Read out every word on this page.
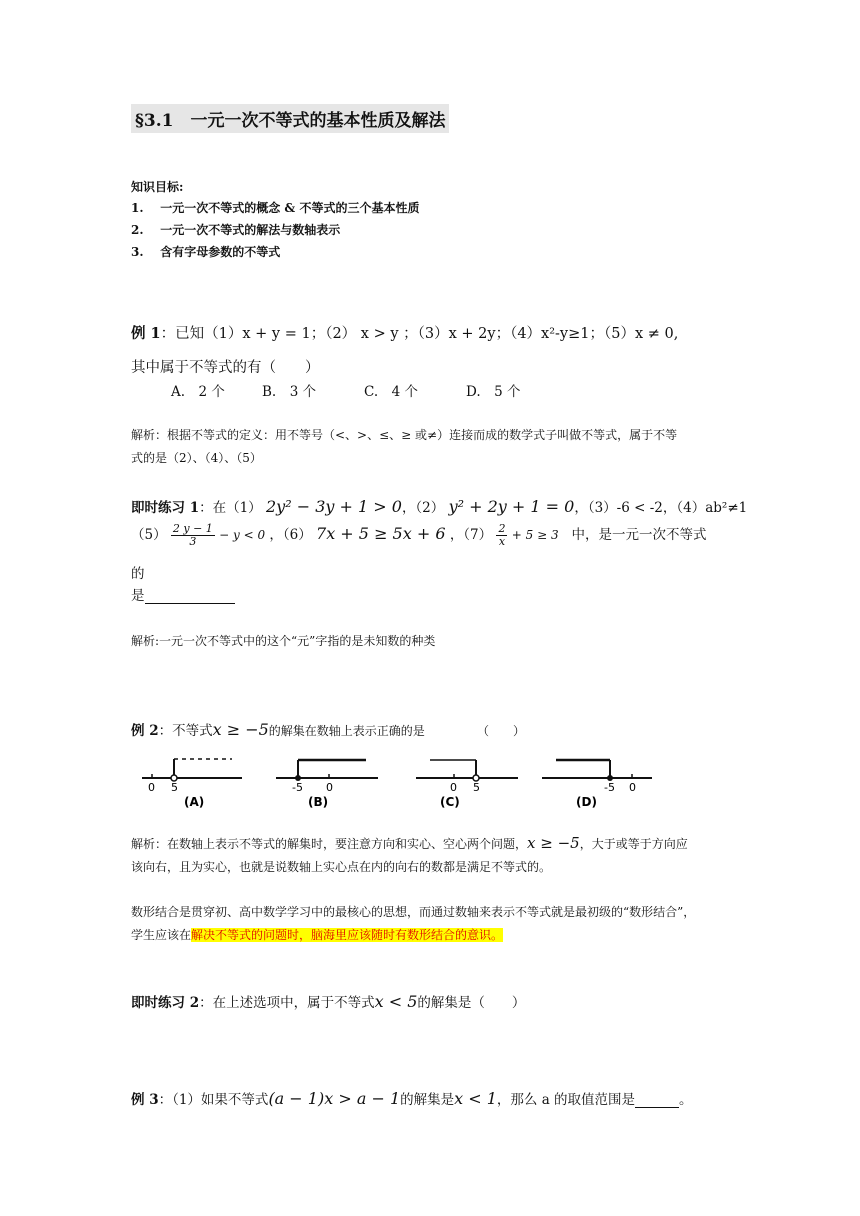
§3.1　一元一次不等式的基本性质及解法
知识目标:
1. 一元一次不等式的概念 & 不等式的三个基本性质
2. 一元一次不等式的解法与数轴表示
3. 含有字母参数的不等式
例 1：已知（1）x + y = 1；（2） x > y ；（3）x + 2y；（4）x²-y≥1；（5）x ≠ 0,
其中属于不等式的有（　　）
A.　2 个	B.　3 个	C.　4 个	D.　5 个
解析：根据不等式的定义：用不等号（<、>、≤、≥ 或≠）连接而成的数学式子叫做不等式，属于不等
式的是（2）、（4）、（5）
即时练习 1：在（1） 2y² − 3y + 1 > 0，（2） y² + 2y + 1 = 0，（3）-6 < -2，（4）ab²≠1
$(5) \frac{2 y - 1}{3} - y < 0$ ，（6） 7x + 5 ≥ 5x + 6 ，$(7) \frac{2}{x} + 5 \ge 3$ 中，是一元一次不等式
的
是
解析:一元一次不等式中的这个“元”字指的是未知数的种类
例 2：不等式x ≥ −5的解集在数轴上表示正确的是	（　　）
0 5
(A)
-5 0
(B)
0 5
(C)
-5 0
(D)
解析：在数轴上表示不等式的解集时，要注意方向和实心、空心两个问题，x ≥ −5，大于或等于方向应
该向右，且为实心，也就是说数轴上实心点在内的向右的数都是满足不等式的。
数形结合是贯穿初、高中数学学习中的最核心的思想，而通过数轴来表示不等式就是最初级的“数形结合”，
学生应该在解决不等式的问题时，脑海里应该随时有数形结合的意识。
即时练习 2：在上述选项中，属于不等式x < 5的解集是（　　）
例 3：（1）如果不等式(a − 1)x > a − 1的解集是x < 1，那么 a 的取值范围是	。
